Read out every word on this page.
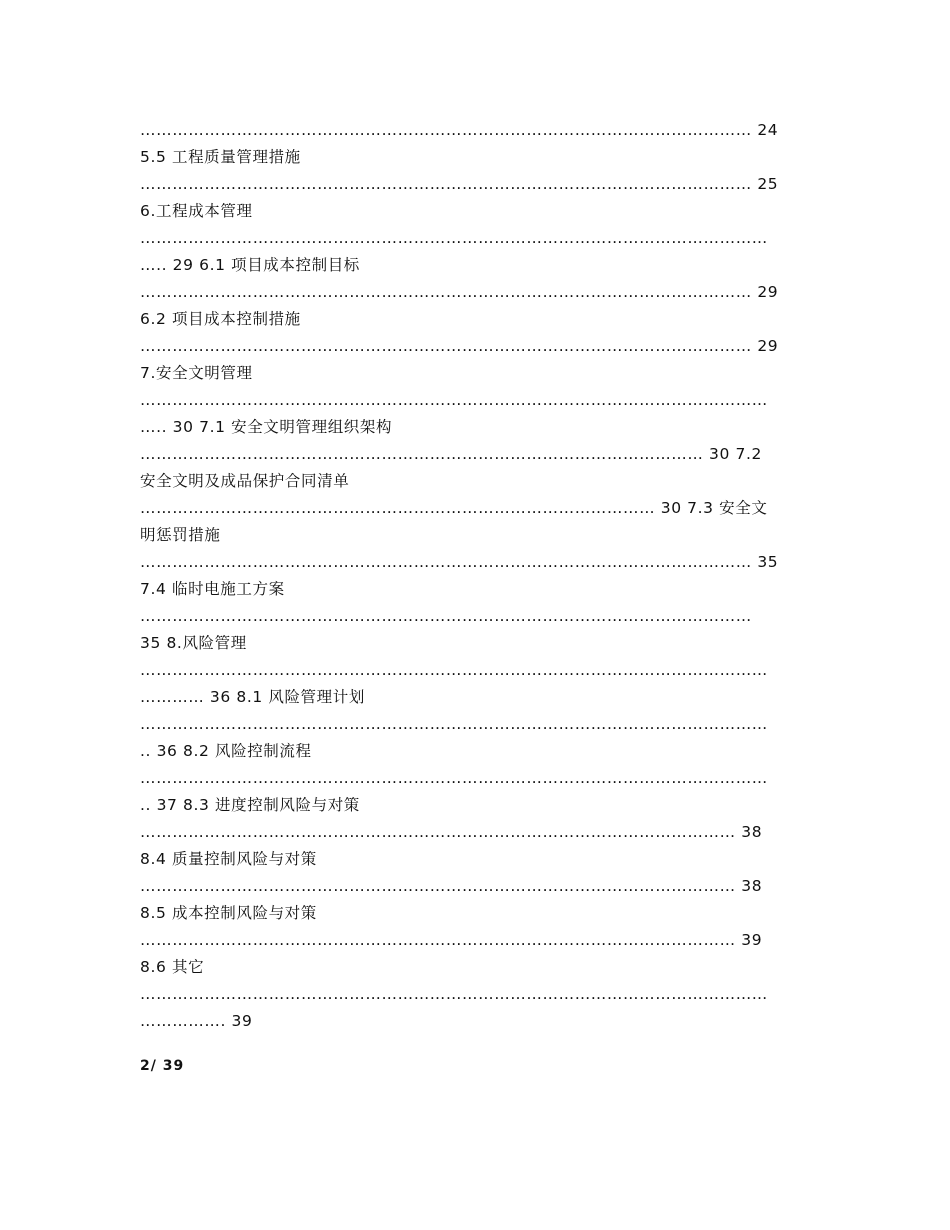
…………………………………………………………………………………………………… 24
5.5 工程质量管理措施
…………………………………………………………………………………………………… 25
6.工程成本管理
………………………………………………………………………………………………………
….. 29 6.1 项目成本控制目标
…………………………………………………………………………………………………… 29
6.2 项目成本控制措施
…………………………………………………………………………………………………… 29
7.安全文明管理
………………………………………………………………………………………………………
….. 30 7.1 安全文明管理组织架构
…………………………………………………………………………………………… 30 7.2
安全文明及成品保护合同清单
…………………………………………………………………………………… 30 7.3 安全文
明惩罚措施
…………………………………………………………………………………………………… 35
7.4 临时电施工方案
……………………………………………………………………………………………………
35 8.风险管理
………………………………………………………………………………………………………
………… 36 8.1 风险管理计划
………………………………………………………………………………………………………
.. 36 8.2 风险控制流程
………………………………………………………………………………………………………
.. 37 8.3 进度控制风险与对策
………………………………………………………………………………………………… 38
8.4 质量控制风险与对策
………………………………………………………………………………………………… 38
8.5 成本控制风险与对策
………………………………………………………………………………………………… 39
8.6 其它
………………………………………………………………………………………………………
……………. 39
2/ 39
